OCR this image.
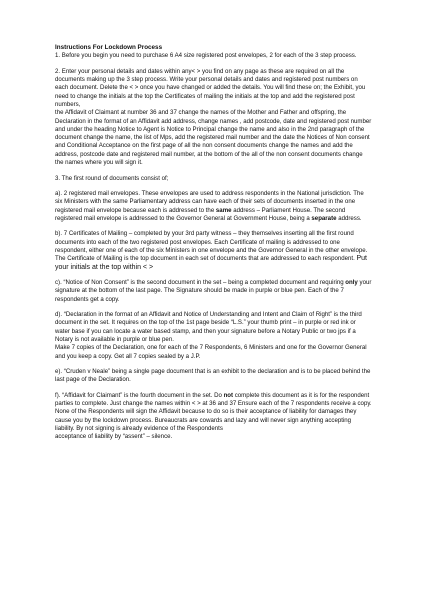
Instructions For Lockdown Process

1. Before you begin you need to purchase 6 A4 size registered post envelopes, 2 for each of the 3 step process.

2. Enter your personal details and dates within any< > you find on any page as these are required on all the documents making up the 3 step process. Write your personal details and dates and registered post numbers on each document. Delete the < > once you have changed or added the details. You will find these on; the Exhibit, you need to change the initials at the top the Certificates of mailing the initials at the top and add the registered post numbers,

the Affidavit of Claimant at number 36 and 37 change the names of the Mother and Father and offspring, the Declaration in the format of an Affidavit add address, change names , add postcode, date and registered post number and under the heading Notice to Agent is Notice to Principal change the name and also in the 2nd paragraph of the document change the name, the list of Mps, add the registered mail number and the date the Notices of Non consent and Conditional Acceptance on the first page of all the non consent documents change the names and add the address, postcode date and registered mail number, at the bottom of the all of the non consent documents change the names where you will sign it.

3. The first round of documents consist of;

a). 2 registered mail envelopes. These envelopes are used to address respondents in the National jurisdiction. The six Ministers with the same Parliamentary address can have each of their sets of documents inserted in the one registered mail envelope because each is addressed to the same address – Parliament House. The second registered mail envelope is addressed to the Governor General at Government House, being a separate address.

b). 7 Certificates of Mailing – completed by your 3rd party witness – they themselves inserting all the first round documents into each of the two registered post envelopes. Each Certificate of mailing is addressed to one respondent, either one of each of the six Ministers in one envelope and the Governor General in the other envelope. The Certificate of Mailing is the top document in each set of documents that are addressed to each respondent. Put your initials at the top within < >

c). “Notice of Non Consent” is the second document in the set – being a completed document and requiring only your signature at the bottom of the last page. The Signature should be made in purple or blue pen. Each of the 7 respondents get a copy.

d). “Declaration in the format of an Affidavit and Notice of Understanding and Intent and Claim of Right” is the third document in the set. It requires on the top of the 1st page beside “L.S.” your thumb print – in purple or red ink or water base if you can locate a water based stamp, and then your signature before a Notary Public or two jps if a Notary is not available in purple or blue pen.

Make 7 copies of the Declaration, one for each of the 7 Respondents, 6 Ministers and one for the Governor General and you keep a copy. Get all 7 copies sealed by a J.P.

e). “Cruden v Neale” being a single page document that is an exhibit to the declaration and is to be placed behind the last page of the Declaration.

f). “Affidavit for Claimant” is the fourth document in the set. Do not complete this document as it is for the respondent parties to complete. Just change the names within < > at 36 and 37 Ensure each of the 7 respondents receive a copy. None of the Respondents will sign the Affidavit because to do so is their acceptance of liability for damages they cause you by the lockdown process. Bureaucrats are cowards and lazy and will never sign anything accepting liability. By not signing is already evidence of the Respondents

acceptance of liability by “assent” – silence.
